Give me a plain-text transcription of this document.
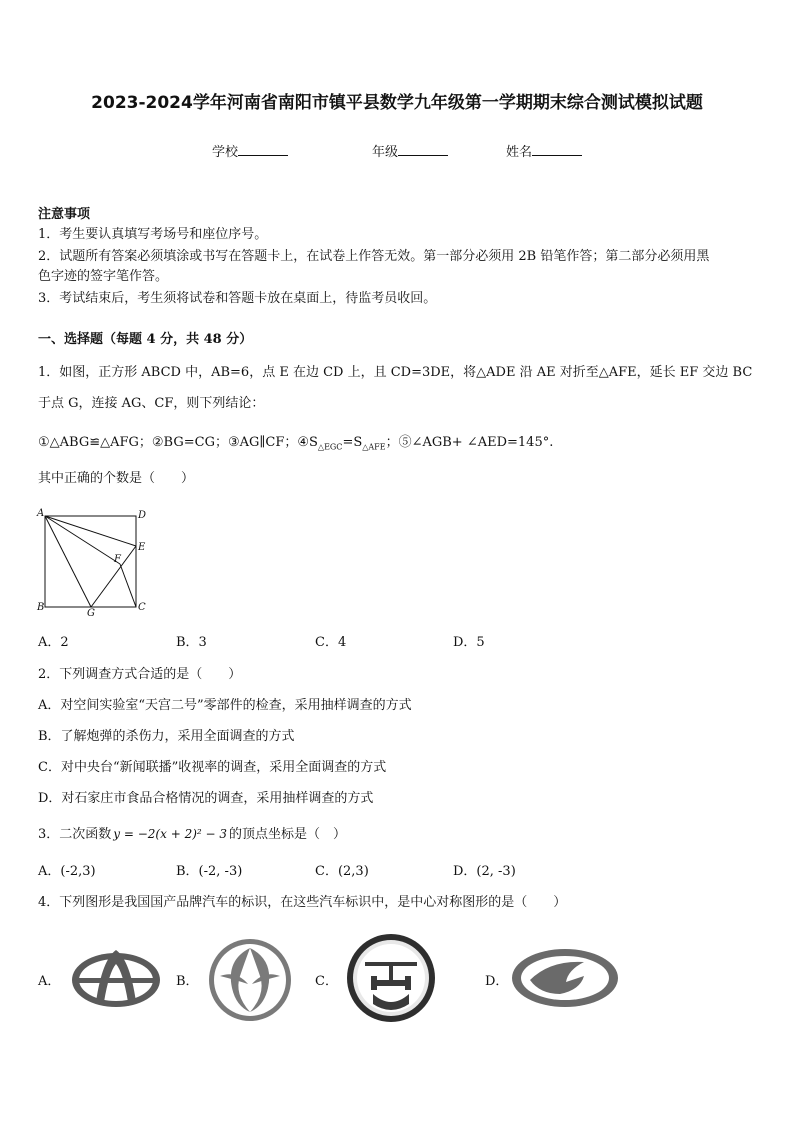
2023-2024学年河南省南阳市镇平县数学九年级第一学期期末综合测试模拟试题
学校	年级	姓名
注意事项
1．考生要认真填写考场号和座位序号。
2．试题所有答案必须填涂或书写在答题卡上，在试卷上作答无效。第一部分必须用 2B 铅笔作答；第二部分必须用黑
色字迹的签字笔作答。
3．考试结束后，考生须将试卷和答题卡放在桌面上，待监考员收回。
一、选择题（每题 4 分，共 48 分）
1．如图，正方形 ABCD 中，AB=6，点 E 在边 CD 上，且 CD=3DE，将△ADE 沿 AE 对折至△AFE，延长 EF 交边 BC
于点 G，连接 AG、CF，则下列结论：
①△ABG≌△AFG；②BG=CG；③AG∥CF；$④S_{\triangle EGC}=S_{\triangle AFE}$；⑤∠AGB+ ∠AED=145°.
其中正确的个数是（　　）
A	D
E
F
B
G
C
A．2	B．3	C．4	D．5
2．下列调查方式合适的是（　　）
A．对空间实验室“天宫二号”零部件的检查，采用抽样调查的方式
B．了解炮弹的杀伤力，采用全面调查的方式
C．对中央台“新闻联播”收视率的调查，采用全面调查的方式
D．对石家庄市食品合格情况的调查，采用抽样调查的方式
3．二次函数 y = −2(x + 2)² − 3 的顶点坐标是（　）
A．(-2,3)	B．(-2, -3)	C．(2,3)	D．(2, -3)
4．下列图形是我国国产品牌汽车的标识，在这些汽车标识中，是中心对称图形的是（　　）
A．	B．	C．	D．
